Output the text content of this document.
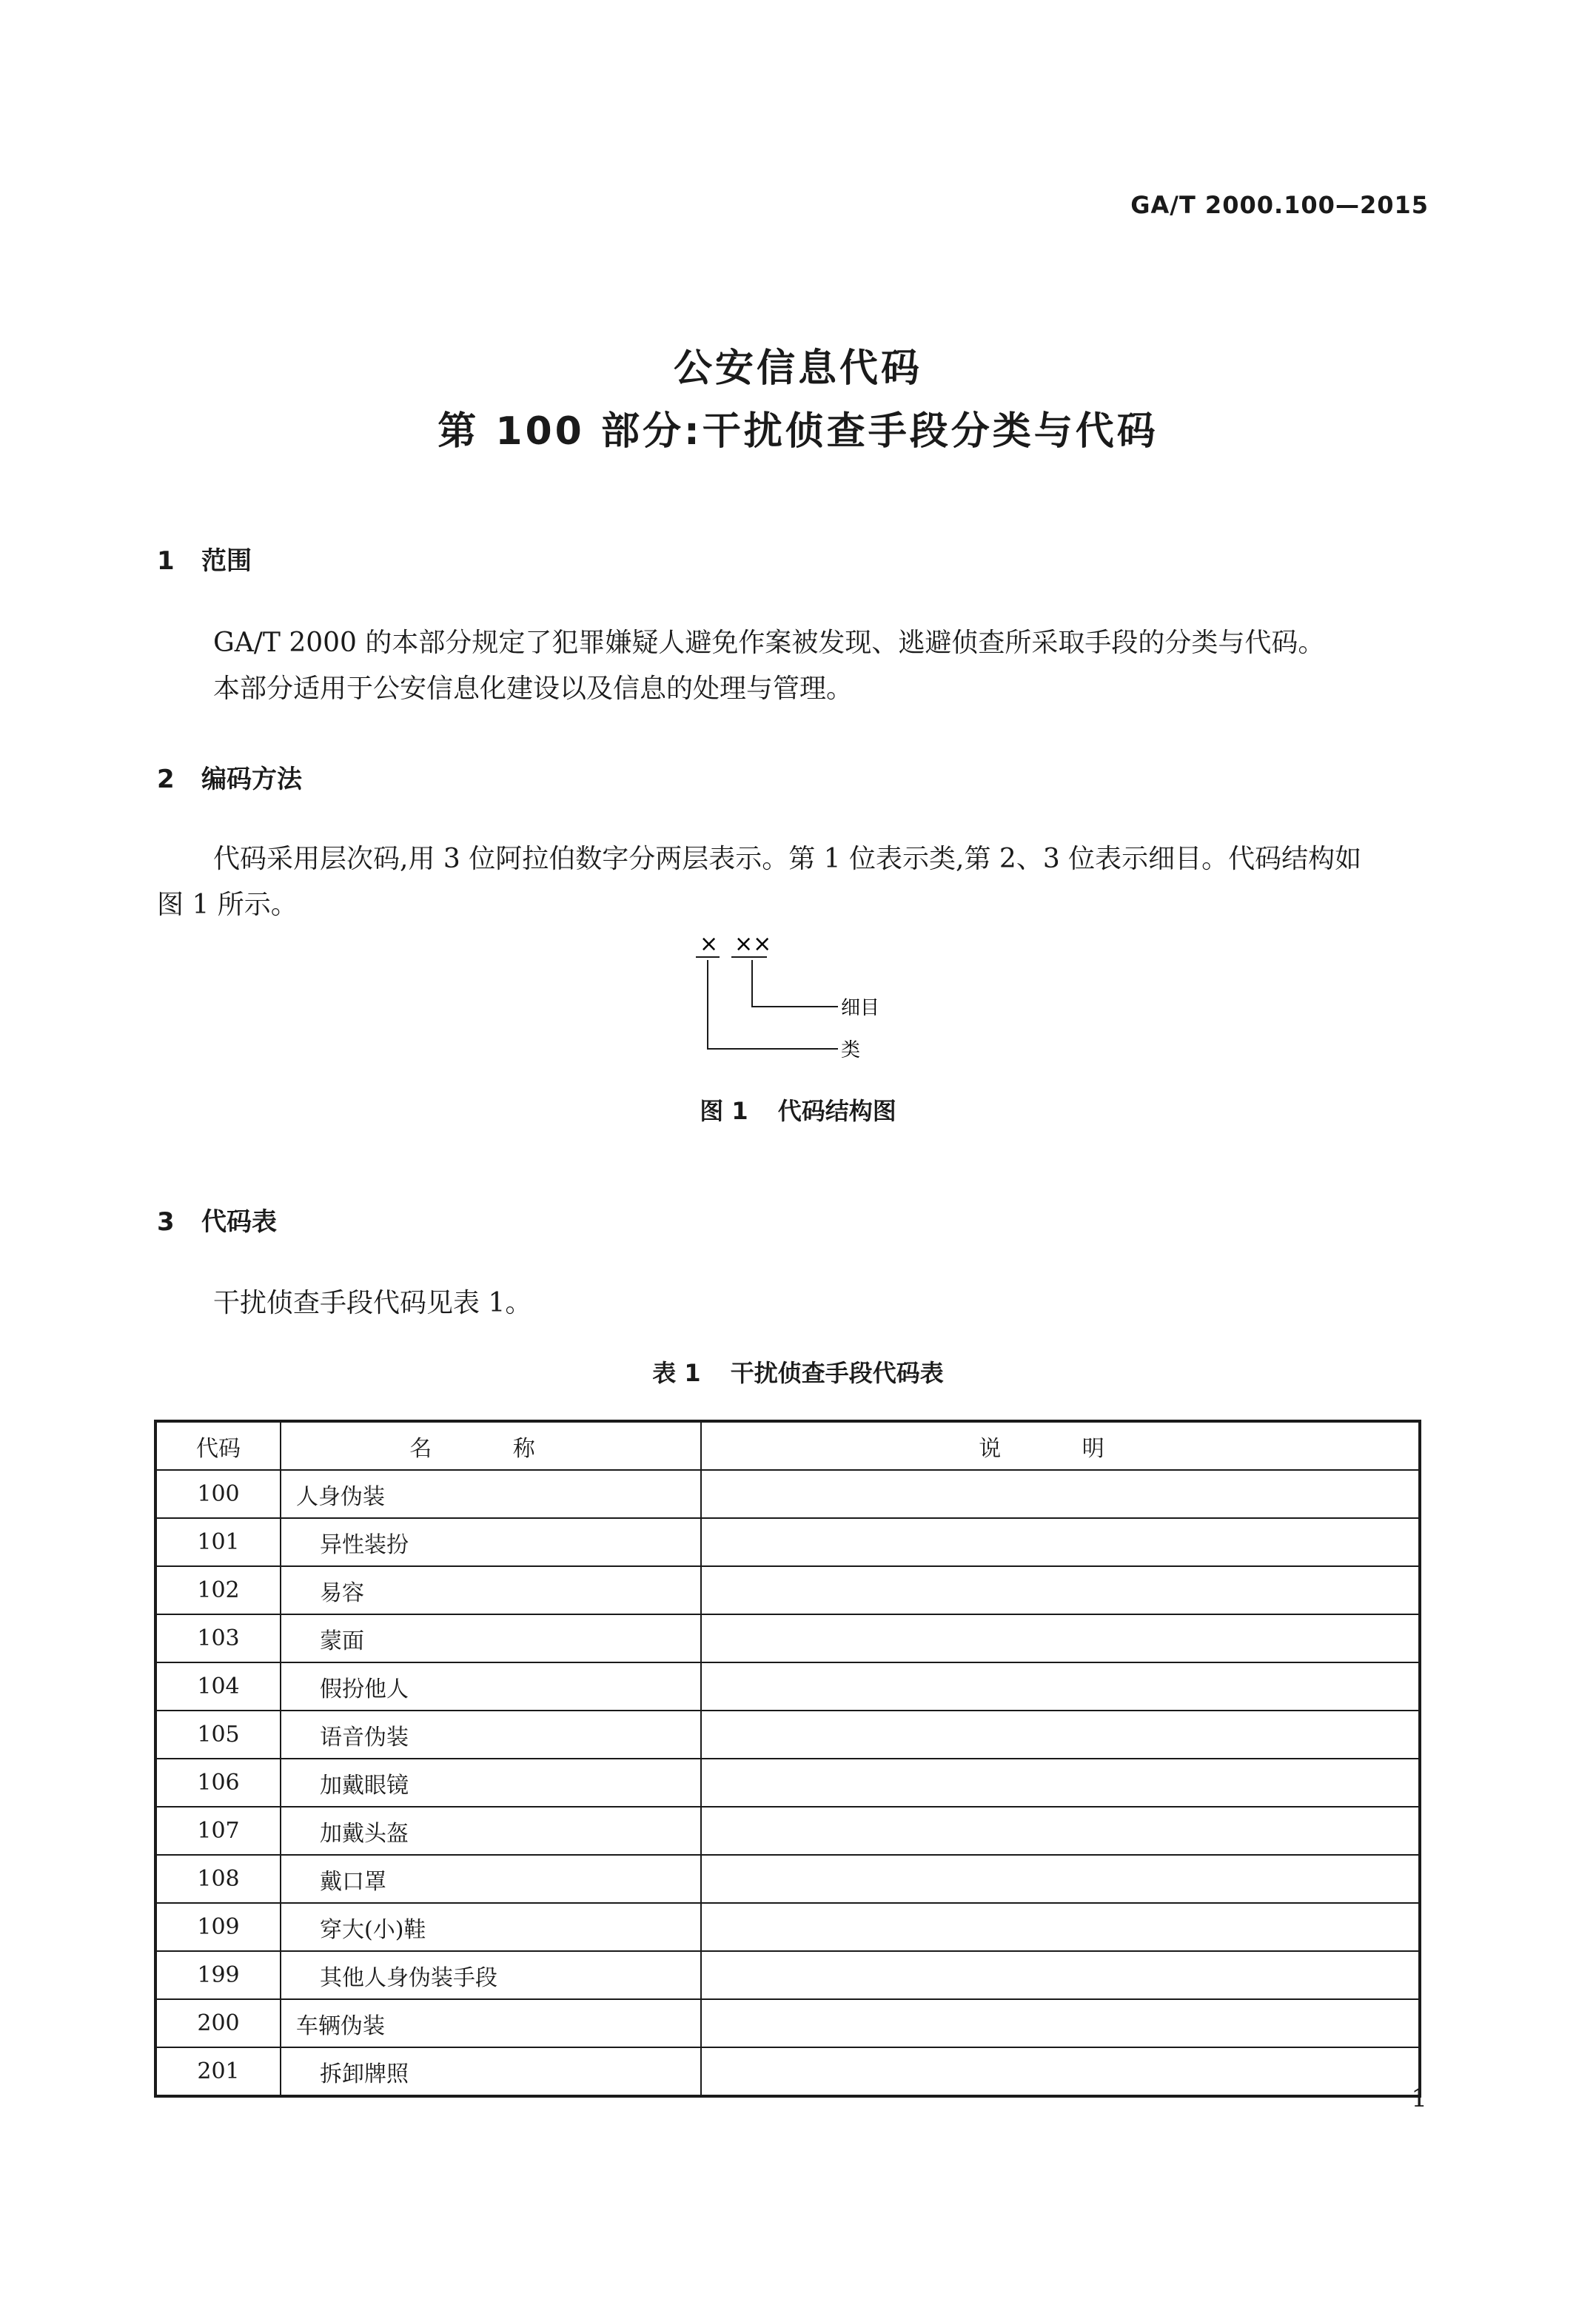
GA/T 2000.100—2015
公安信息代码
第 100 部分:干扰侦查手段分类与代码
1 范围
GA/T 2000 的本部分规定了犯罪嫌疑人避免作案被发现、逃避侦查所采取手段的分类与代码。
本部分适用于公安信息化建设以及信息的处理与管理。
2 编码方法
代码采用层次码,用 3 位阿拉伯数字分两层表示。第 1 位表示类,第 2、3 位表示细目。代码结构如
图 1 所示。
× ××
细目
类
图 1 代码结构图
3 代码表
干扰侦查手段代码见表 1。
表 1 干扰侦查手段代码表
代码	名 称	说 明
100	人身伪装	
101	异性装扮	
102	易容	
103	蒙面	
104	假扮他人	
105	语音伪装	
106	加戴眼镜	
107	加戴头盔	
108	戴口罩	
109	穿大(小)鞋	
199	其他人身伪装手段	
200	车辆伪装	
201	拆卸牌照	
1
